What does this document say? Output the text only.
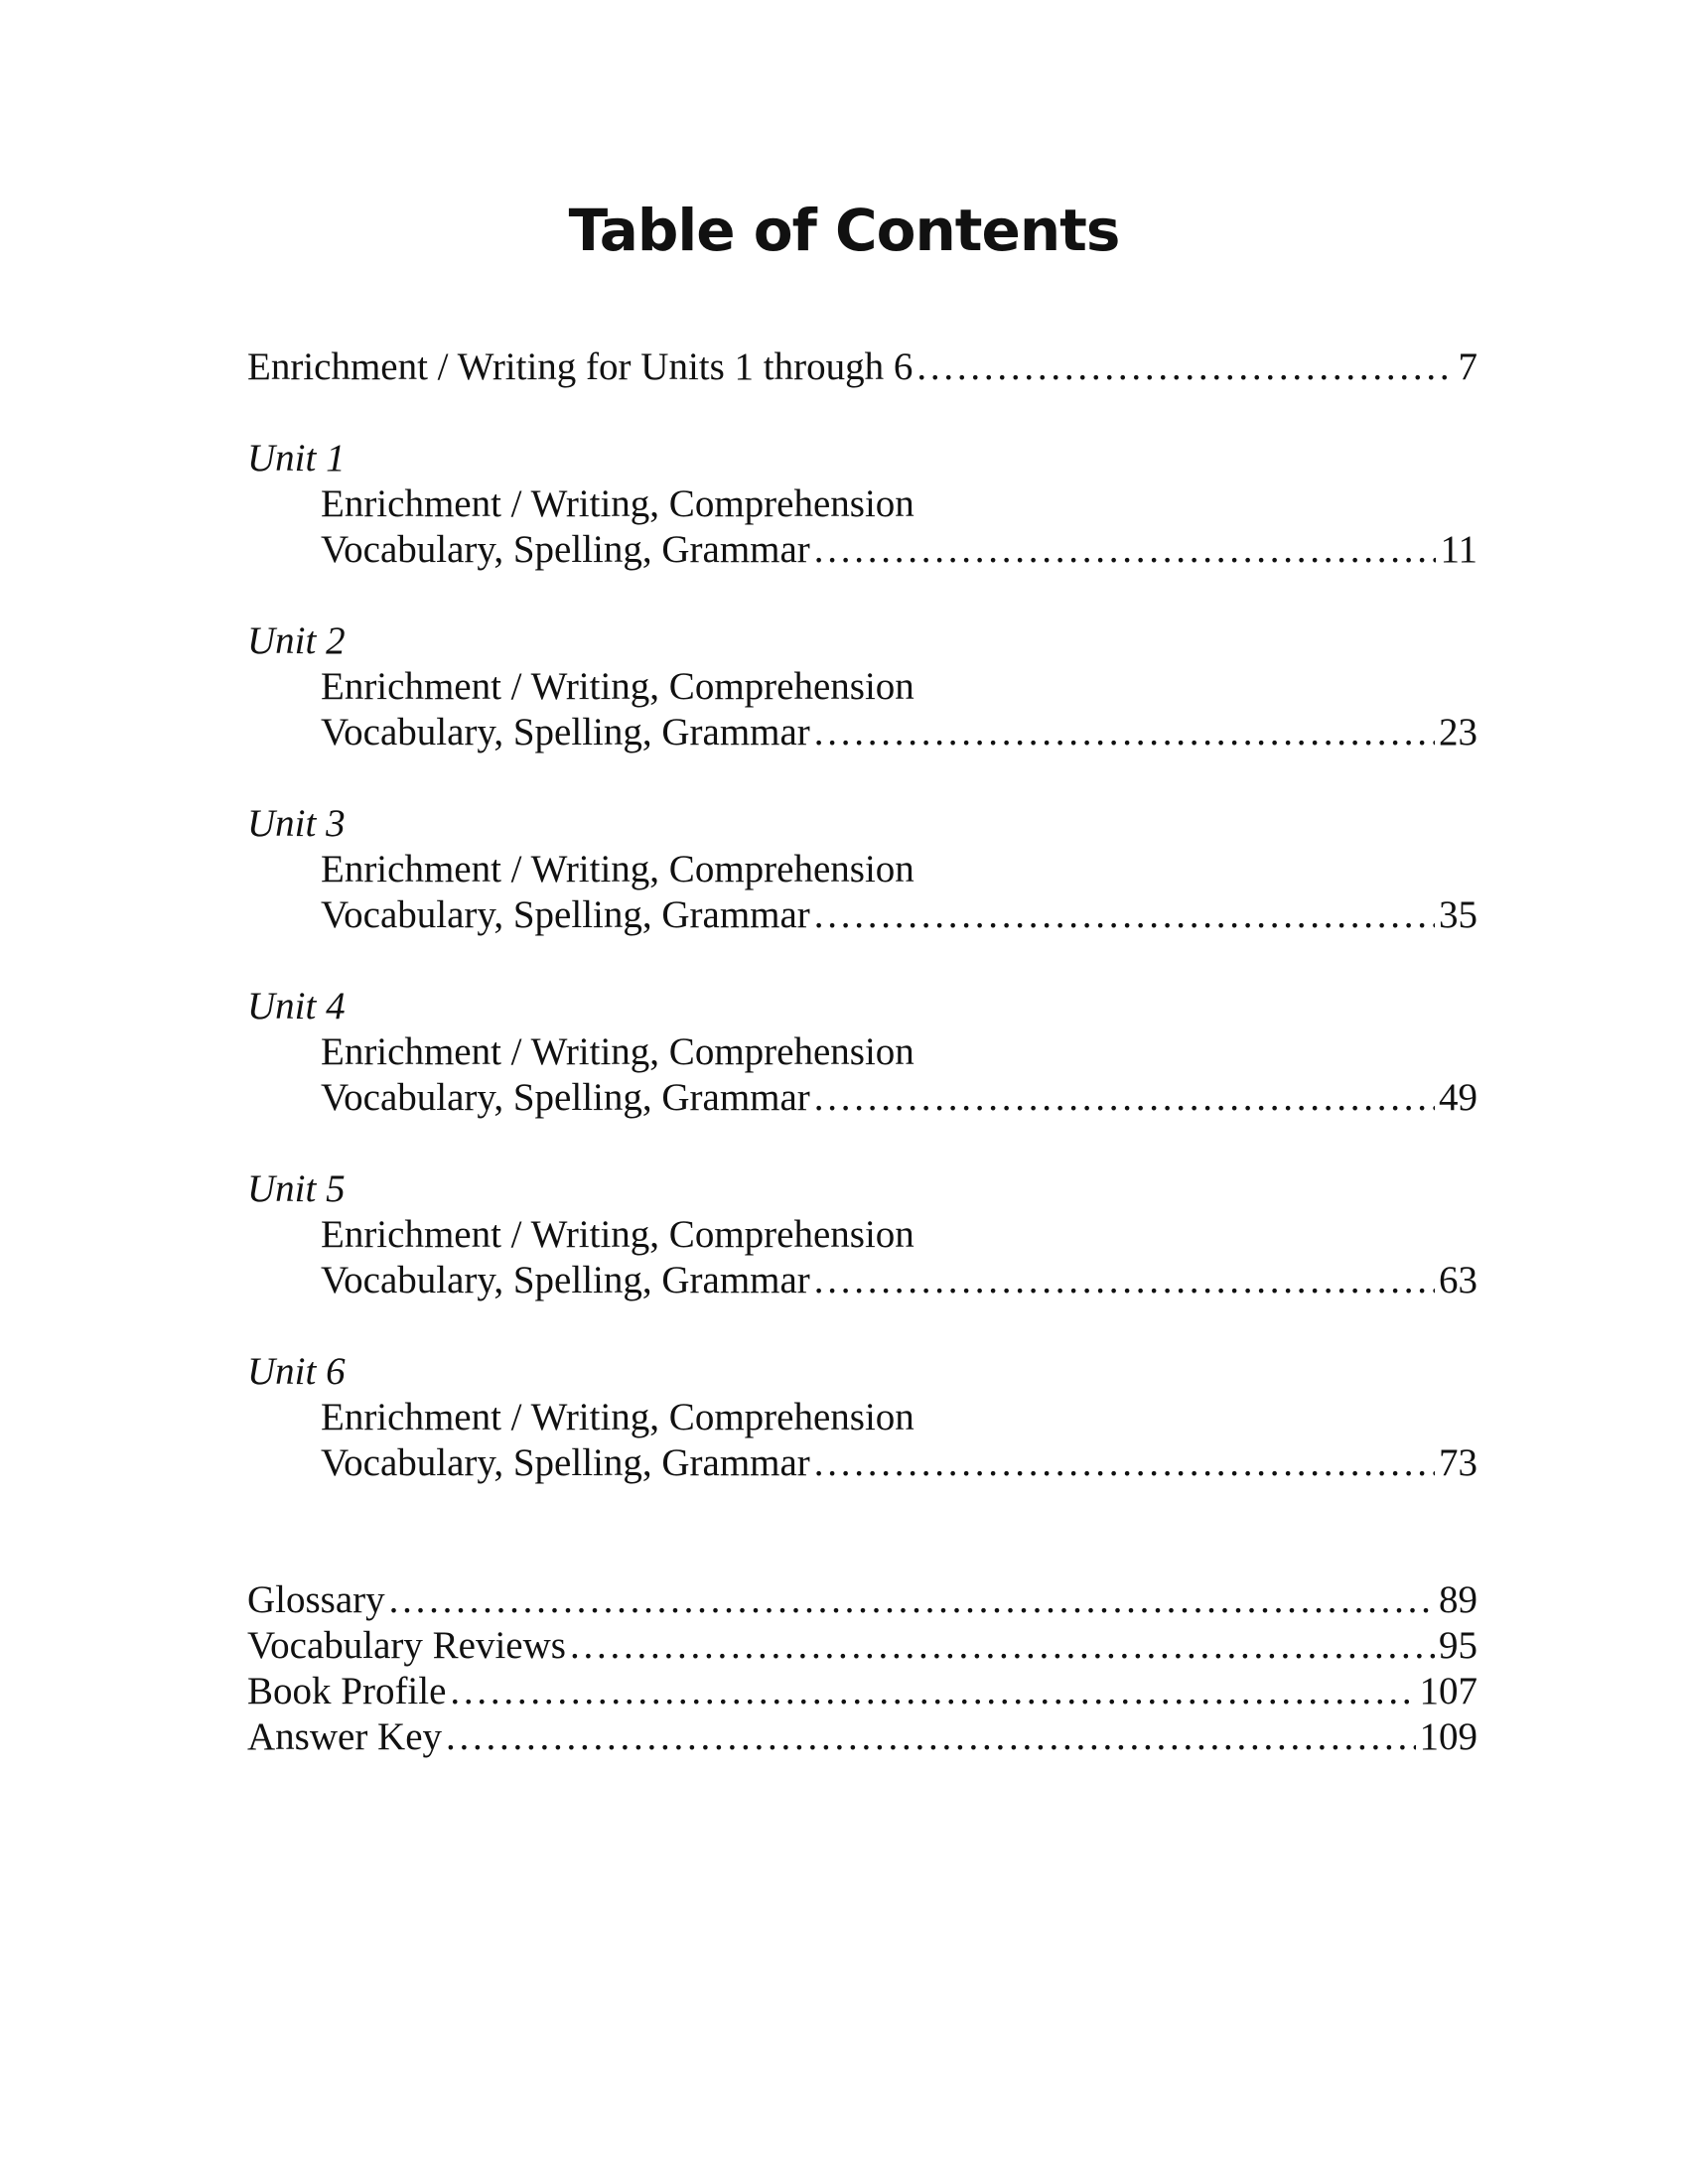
Table of Contents
Enrichment / Writing for Units 1 through 6 . . .	7
Unit 1
Enrichment / Writing, Comprehension
Vocabulary, Spelling, Grammar . . .	11
Unit 2
Enrichment / Writing, Comprehension
Vocabulary, Spelling, Grammar . . .	23
Unit 3
Enrichment / Writing, Comprehension
Vocabulary, Spelling, Grammar . . .	35
Unit 4
Enrichment / Writing, Comprehension
Vocabulary, Spelling, Grammar . . .	49
Unit 5
Enrichment / Writing, Comprehension
Vocabulary, Spelling, Grammar . . .	63
Unit 6
Enrichment / Writing, Comprehension
Vocabulary, Spelling, Grammar . . .	73
Glossary . . .	89
Vocabulary Reviews . . .	95
Book Profile . . .	107
Answer Key . . .	109
